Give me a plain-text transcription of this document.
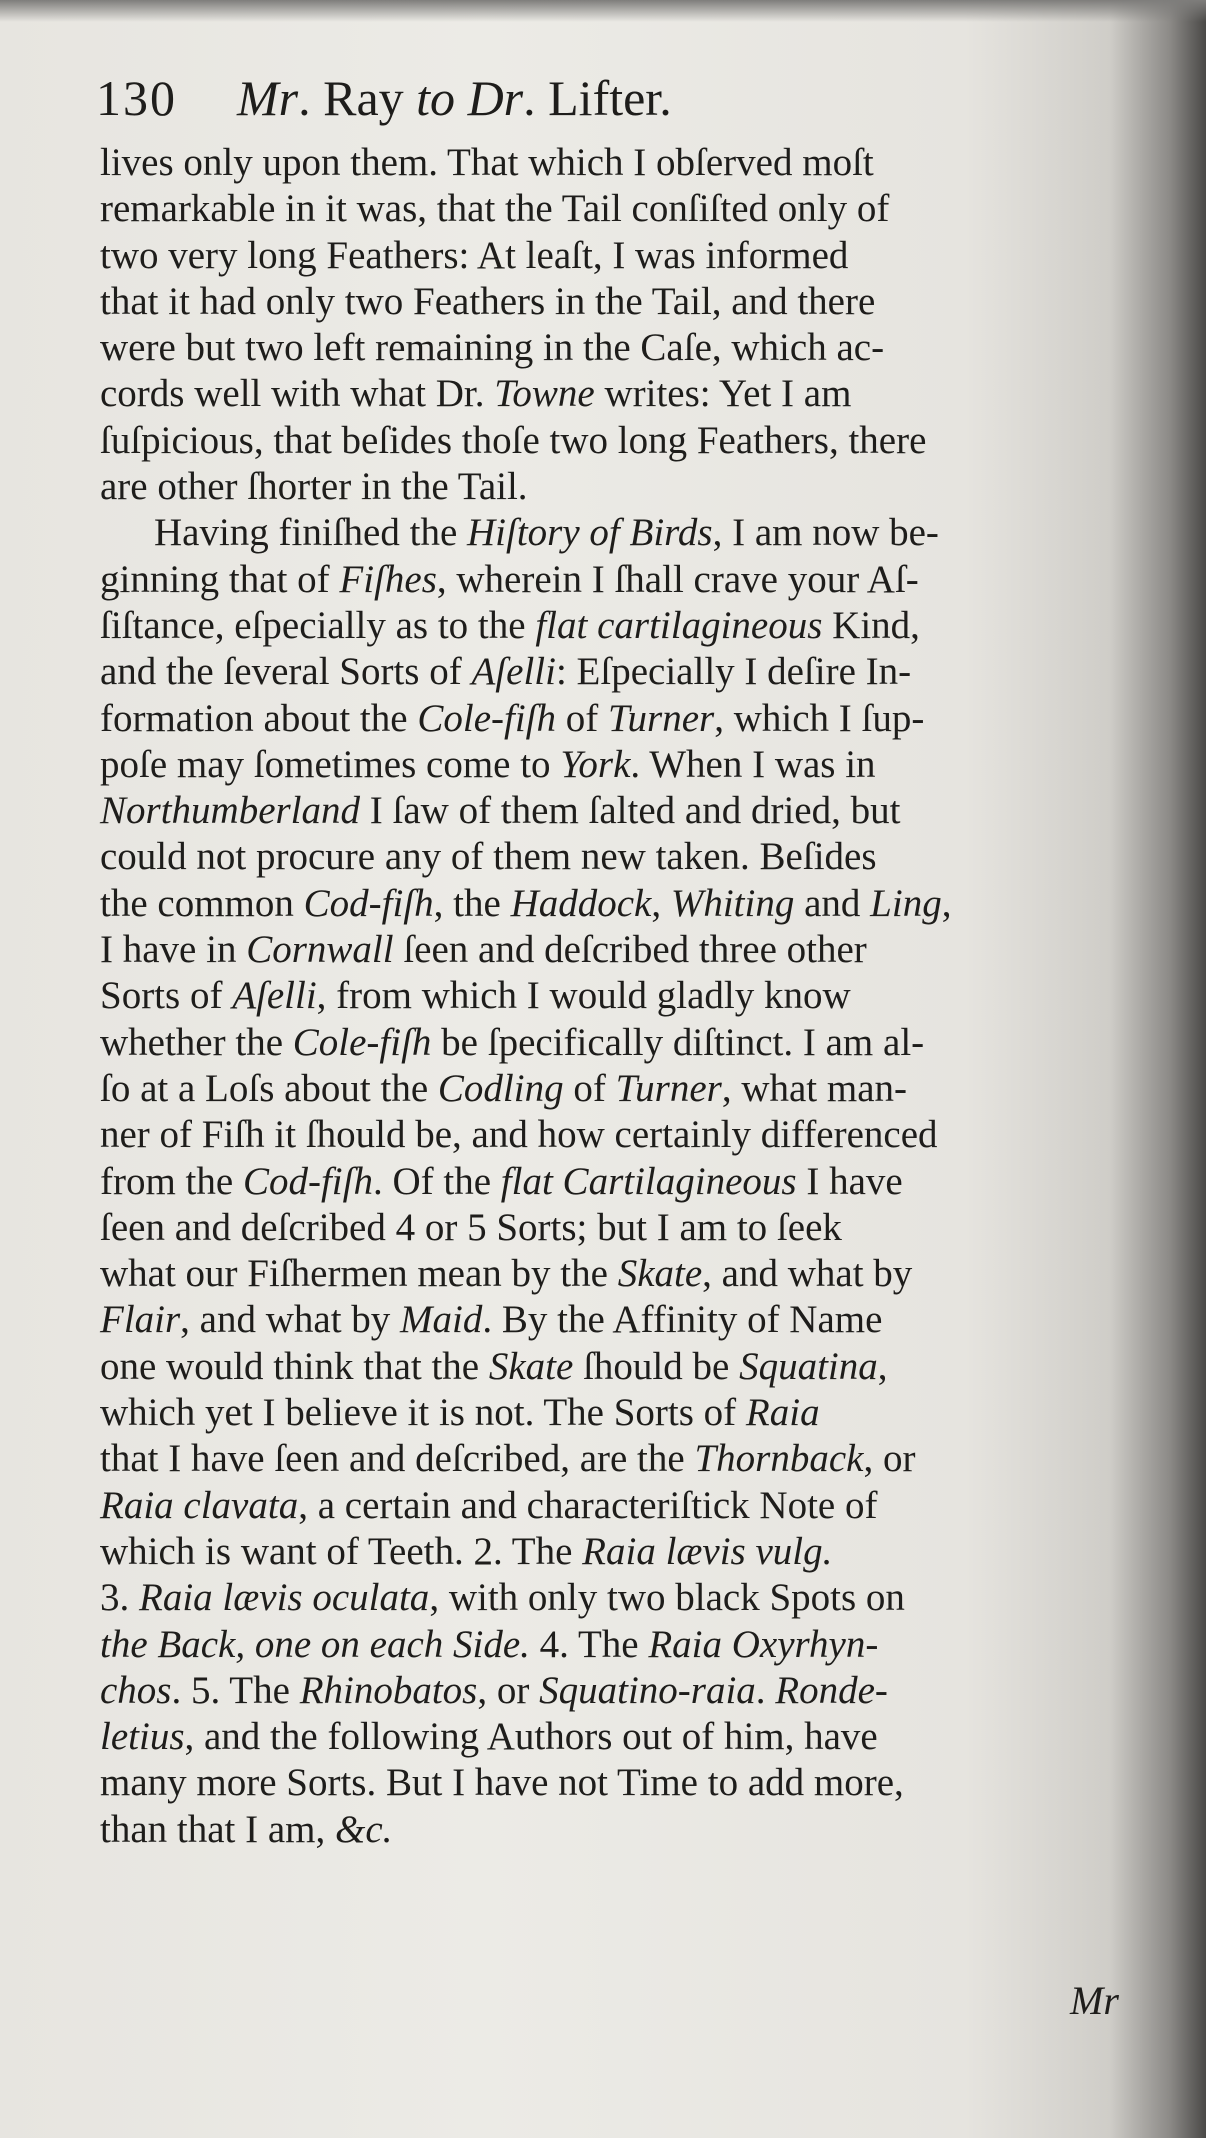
130 Mr. Ray to Dr. Lifter.
lives only upon them. That which I obſerved moſt
remarkable in it was, that the Tail conſiſted only of
two very long Feathers: At leaſt, I was informed
that it had only two Feathers in the Tail, and there
were but two left remaining in the Caſe, which ac-
cords well with what Dr. Towne writes: Yet I am
ſuſpicious, that beſides thoſe two long Feathers, there
are other ſhorter in the Tail.
Having finiſhed the Hiſtory of Birds, I am now be-
ginning that of Fiſhes, wherein I ſhall crave your Aſ-
ſiſtance, eſpecially as to the flat cartilagineous Kind,
and the ſeveral Sorts of Aſelli: Eſpecially I deſire In-
formation about the Cole-fiſh of Turner, which I ſup-
poſe may ſometimes come to York. When I was in
Northumberland I ſaw of them ſalted and dried, but
could not procure any of them new taken. Beſides
the common Cod-fiſh, the Haddock, Whiting and Ling,
I have in Cornwall ſeen and deſcribed three other
Sorts of Aſelli, from which I would gladly know
whether the Cole-fiſh be ſpecifically diſtinct. I am al-
ſo at a Loſs about the Codling of Turner, what man-
ner of Fiſh it ſhould be, and how certainly differenced
from the Cod-fiſh. Of the flat Cartilagineous I have
ſeen and deſcribed 4 or 5 Sorts; but I am to ſeek
what our Fiſhermen mean by the Skate, and what by
Flair, and what by Maid. By the Affinity of Name
one would think that the Skate ſhould be Squatina,
which yet I believe it is not. The Sorts of Raia
that I have ſeen and deſcribed, are the Thornback, or
Raia clavata, a certain and characteriſtick Note of
which is want of Teeth. 2. The Raia lævis vulg.
3. Raia lævis oculata, with only two black Spots on
the Back, one on each Side. 4. The Raia Oxyrhyn-
chos. 5. The Rhinobatos, or Squatino-raia. Ronde-
letius, and the following Authors out of him, have
many more Sorts. But I have not Time to add more,
than that I am, &c.
Mr
